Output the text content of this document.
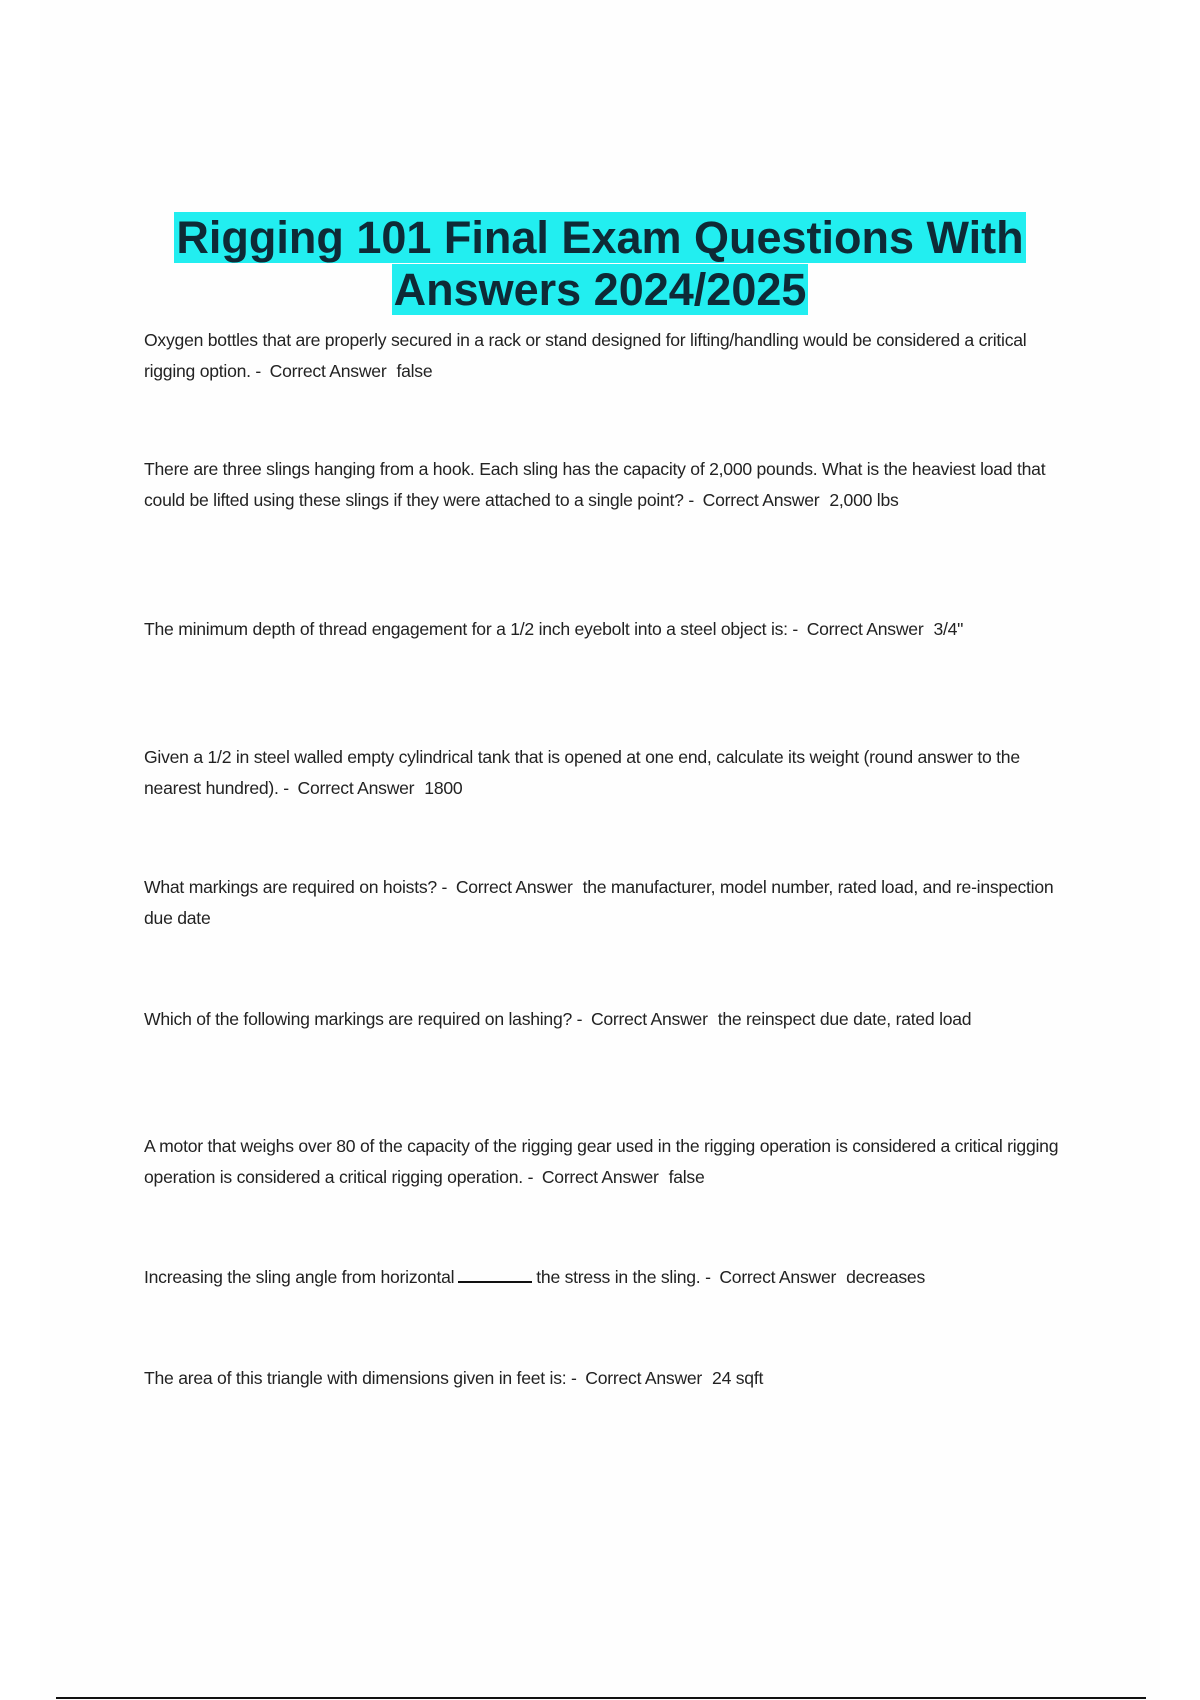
Rigging 101 Final Exam Questions With
Answers 2024/2025
Oxygen bottles that are properly secured in a rack or stand designed for lifting/handling would be considered a critical rigging option. - Correct Answer false
There are three slings hanging from a hook. Each sling has the capacity of 2,000 pounds. What is the heaviest load that could be lifted using these slings if they were attached to a single point? - Correct Answer 2,000 lbs
The minimum depth of thread engagement for a 1/2 inch eyebolt into a steel object is: - Correct Answer 3/4"
Given a 1/2 in steel walled empty cylindrical tank that is opened at one end, calculate its weight (round answer to the nearest hundred). - Correct Answer 1800
What markings are required on hoists? - Correct Answer the manufacturer, model number, rated load, and re-inspection due date
Which of the following markings are required on lashing? - Correct Answer the reinspect due date, rated load
A motor that weighs over 80 of the capacity of the rigging gear used in the rigging operation is considered a critical rigging operation is considered a critical rigging operation. - Correct Answer false
Increasing the sling angle from horizontal	the stress in the sling. - Correct Answer decreases
The area of this triangle with dimensions given in feet is: - Correct Answer 24 sqft
